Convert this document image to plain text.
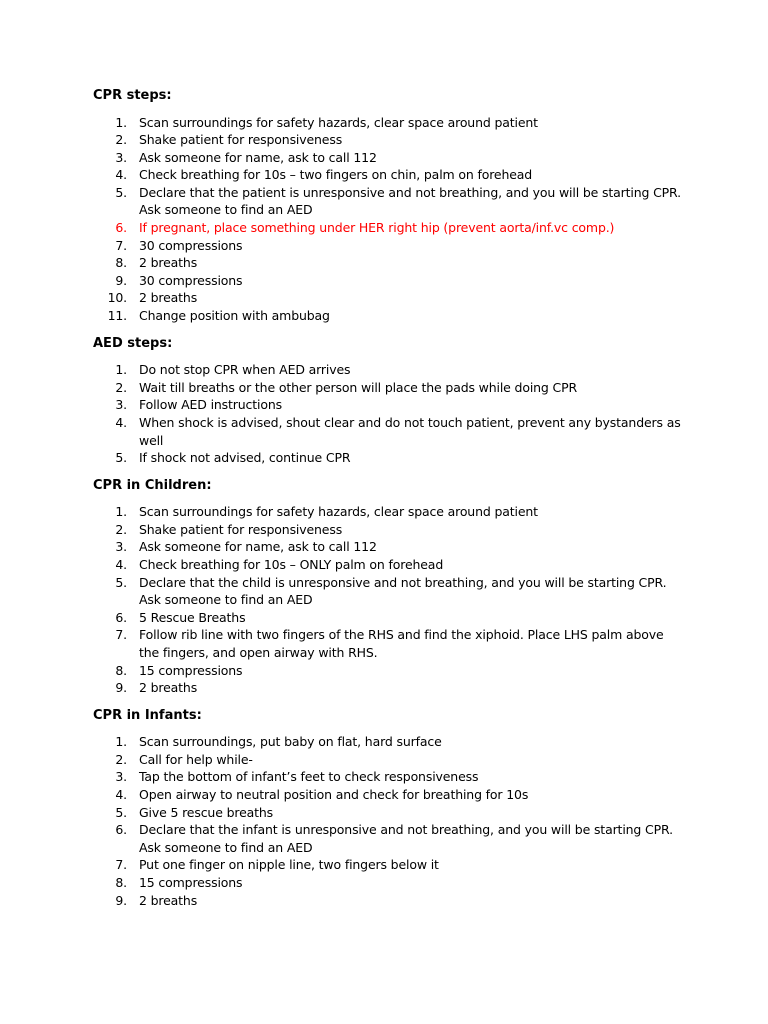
CPR steps:
1. Scan surroundings for safety hazards, clear space around patient
2. Shake patient for responsiveness
3. Ask someone for name, ask to call 112
4. Check breathing for 10s – two fingers on chin, palm on forehead
5. Declare that the patient is unresponsive and not breathing, and you will be starting CPR. Ask someone to find an AED
6. If pregnant, place something under HER right hip (prevent aorta/inf.vc comp.)
7. 30 compressions
8. 2 breaths
9. 30 compressions
10. 2 breaths
11. Change position with ambubag
AED steps:
1. Do not stop CPR when AED arrives
2. Wait till breaths or the other person will place the pads while doing CPR
3. Follow AED instructions
4. When shock is advised, shout clear and do not touch patient, prevent any bystanders as well
5. If shock not advised, continue CPR
CPR in Children:
1. Scan surroundings for safety hazards, clear space around patient
2. Shake patient for responsiveness
3. Ask someone for name, ask to call 112
4. Check breathing for 10s – ONLY palm on forehead
5. Declare that the child is unresponsive and not breathing, and you will be starting CPR. Ask someone to find an AED
6. 5 Rescue Breaths
7. Follow rib line with two fingers of the RHS and find the xiphoid. Place LHS palm above the fingers, and open airway with RHS.
8. 15 compressions
9. 2 breaths
CPR in Infants:
1. Scan surroundings, put baby on flat, hard surface
2. Call for help while-
3. Tap the bottom of infant’s feet to check responsiveness
4. Open airway to neutral position and check for breathing for 10s
5. Give 5 rescue breaths
6. Declare that the infant is unresponsive and not breathing, and you will be starting CPR. Ask someone to find an AED
7. Put one finger on nipple line, two fingers below it
8. 15 compressions
9. 2 breaths
